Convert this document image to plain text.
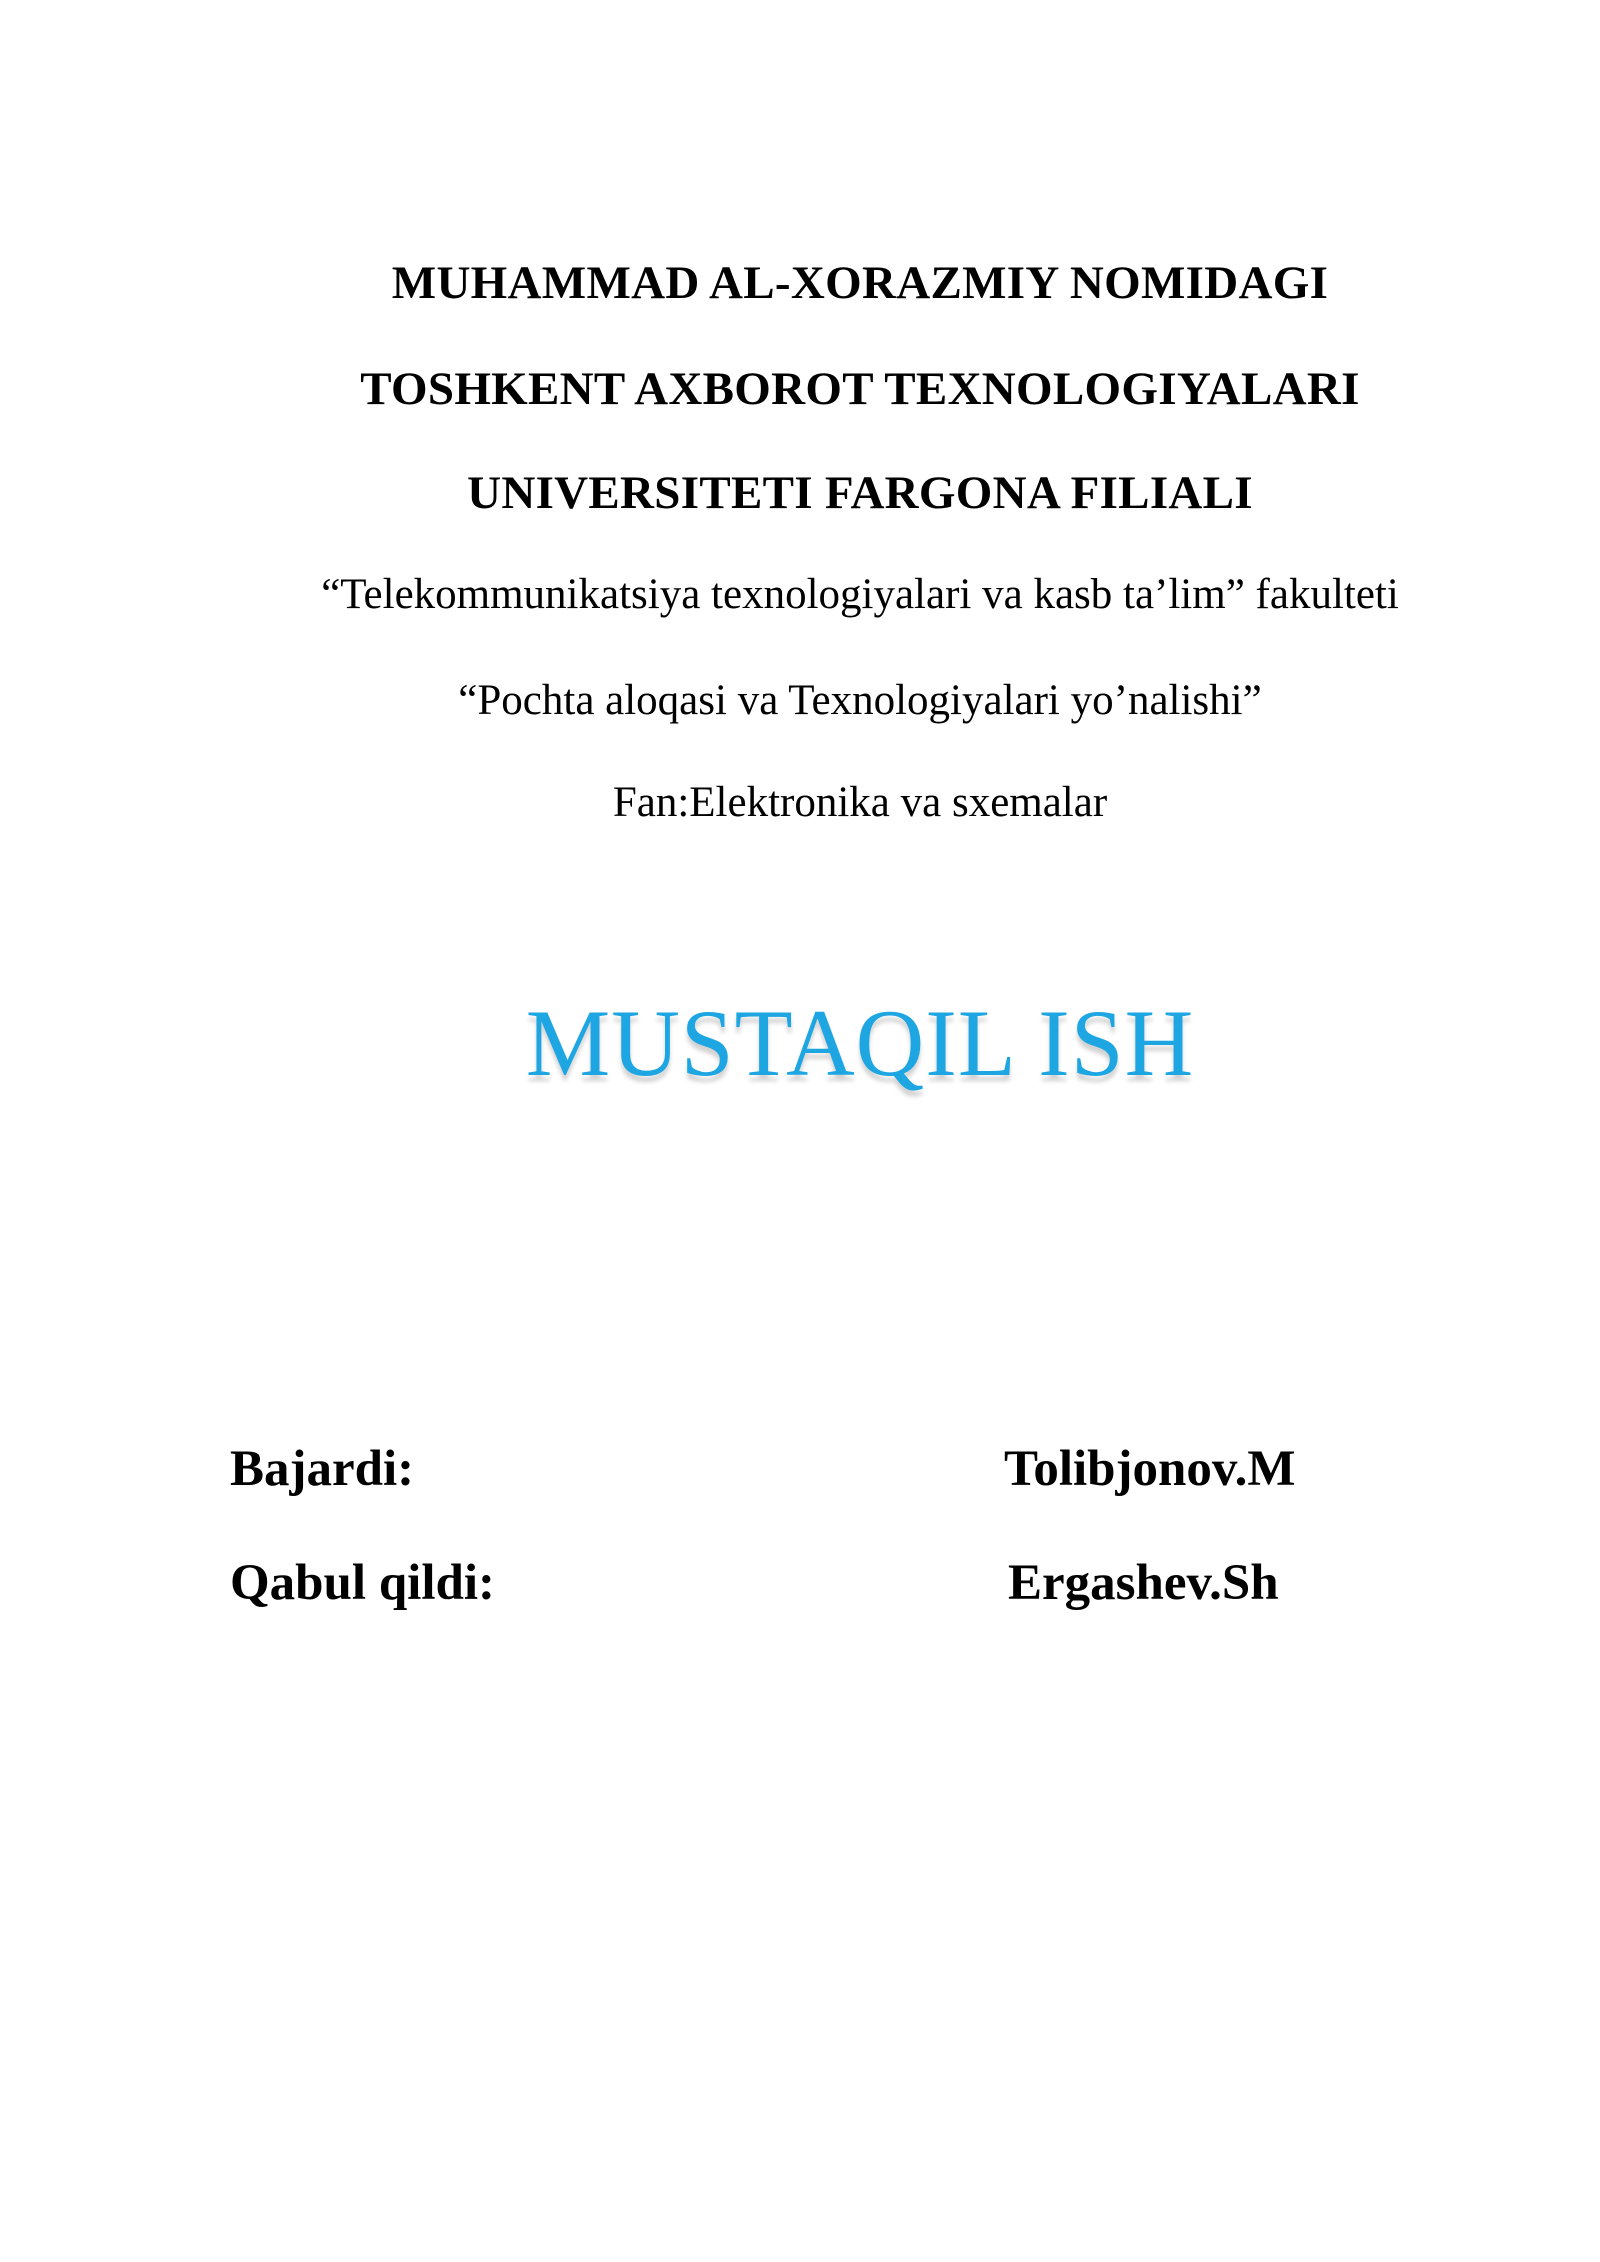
MUHAMMAD AL-XORAZMIY NOMIDAGI
TOSHKENT AXBOROT TEXNOLOGIYALARI
UNIVERSITETI FARGONA FILIALI
“Telekommunikatsiya texnologiyalari va kasb ta’lim” fakulteti
“Pochta aloqasi va Texnologiyalari yo’nalishi”
Fan:Elektronika va sxemalar
MUSTAQIL ISH
Bajardi:	Tolibjonov.M
Qabul qildi:	Ergashev.Sh
